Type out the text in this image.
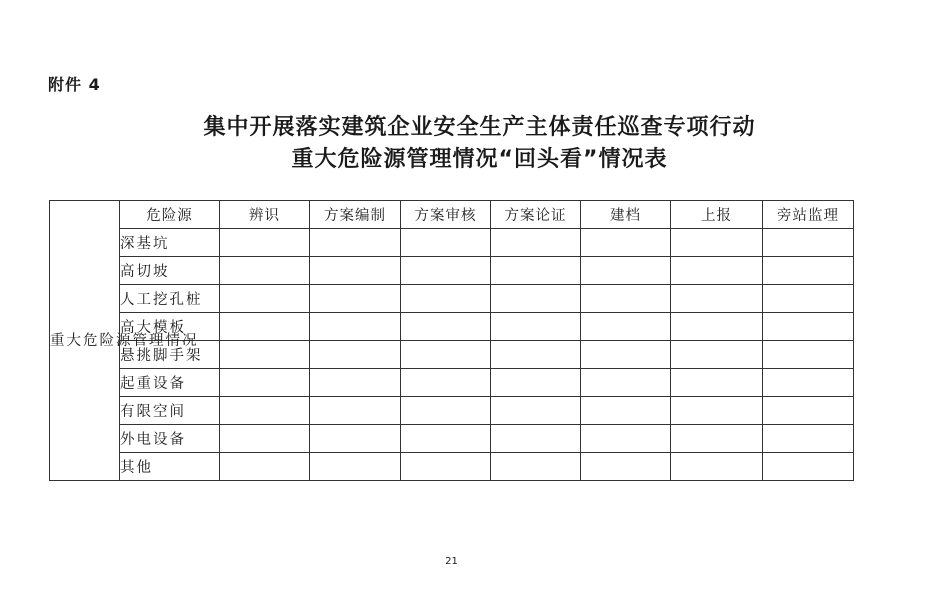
附件 4
集中开展落实建筑企业安全生产主体责任巡查专项行动
重大危险源管理情况“回头看”情况表
重大危险源管理情况	危险源	辨识	方案编制	方案审核	方案论证	建档	上报	旁站监理
	深基坑							
	高切坡							
	人工挖孔桩							
	高大模板							
	悬挑脚手架							
	起重设备							
	有限空间							
	外电设备							
	其他							
21
